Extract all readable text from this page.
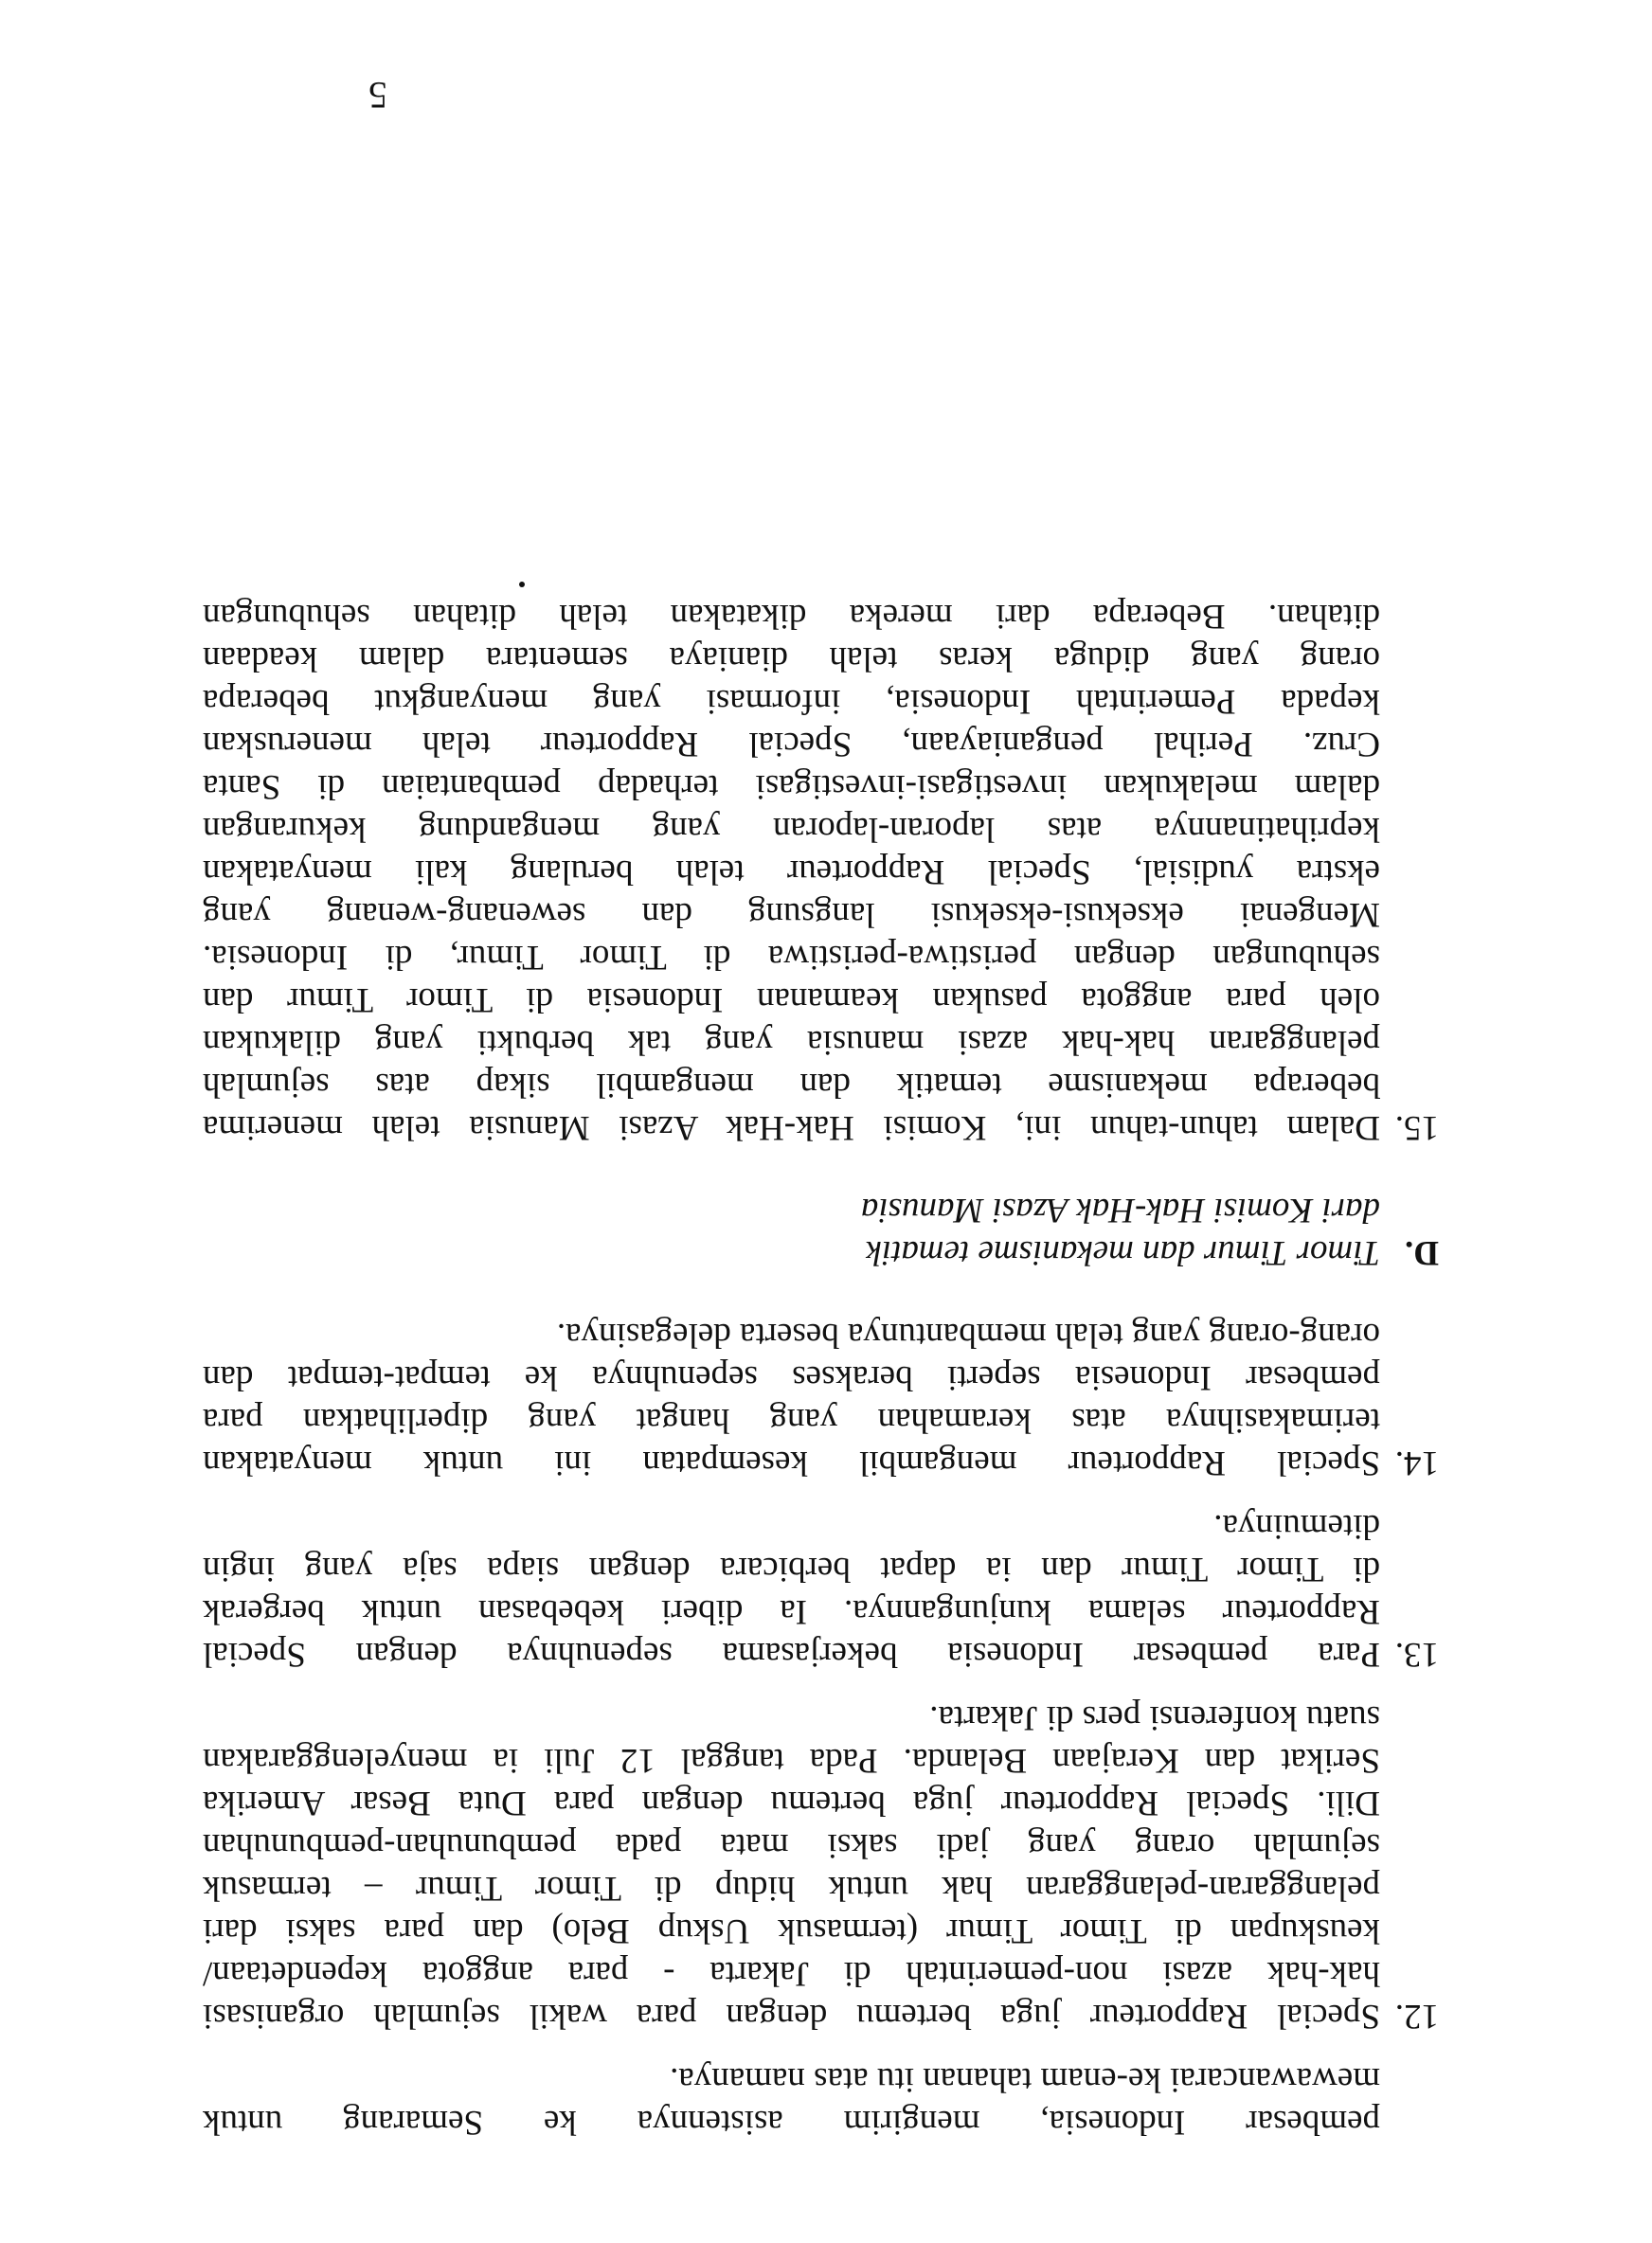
pembesar Indonesia, mengirim asistennya ke Semarang untuk
mewawancarai ke-enam tahanan itu atas namanya.
12.
Special Rapporteur juga bertemu dengan para wakil sejumlah organisasi
hak-hak azasi non-pemerintah di Jakarta - para anggota kependetaan/
keuskupan di Timor Timur (termasuk Uskup Belo) dan para saksi dari
pelanggaran-pelanggaran hak untuk hidup di Timor Timur – termasuk
sejumlah orang yang jadi saksi mata pada pembunuhan-pembunuhan
Dili. Special Rapporteur juga bertemu dengan para Duta Besar Amerika
Serikat dan Kerajaan Belanda. Pada tanggal 12 Juli ia menyelenggarakan
suatu konferensi pers di Jakarta.
13.
Para pembesar Indonesia bekerjasama sepenuhnya dengan Special
Rapporteur selama kunjungannya. Ia diberi kebebasan untuk bergerak
di Timor Timur dan ia dapat berbicara dengan siapa saja yang ingin
ditemuinya.
14.
Special Rapporteur mengambil kesempatan ini untuk menyatakan
terimakasihnya atas keramahan yang hangat yang diperlihatkan para
pembesar Indonesia seperti berakses sepenuhnya ke tempat-tempat dan
orang-orang yang telah membantunya beserta delegasinya.
D.
Timor Timur dan mekanisme tematik
dari Komisi Hak-Hak Azasi Manusia
15.
Dalam tahun-tahun ini, Komisi Hak-Hak Azasi Manusia telah menerima
beberapa mekanisme tematik dan mengambil sikap atas sejumlah
pelanggaran hak-hak azasi manusia yang tak berbukti yang dilakukan
oleh para anggota pasukan keamanan Indonesia di Timor Timur dan
sehubungan dengan peristiwa-peristiwa di Timor Timur, di Indonesia.
Mengenai eksekusi-eksekusi langsung dan sewenang-wenang yang
ekstra yudisial, Special Rapporteur telah berulang kali menyatakan
keprihatinannya atas laporan-laporan yang mengandung kekurangan
dalam melakukan investigasi-investigasi terhadap pembantaian di Santa
Cruz. Perihal penganiayaan, Special Rapporteur telah meneruskan
kepada Pemerintah Indonesia, informasi yang menyangkut beberapa
orang yang diduga keras telah dianiaya sementara dalam keadaan
ditahan. Beberapa dari mereka dikatakan telah ditahan sehubungan
5
